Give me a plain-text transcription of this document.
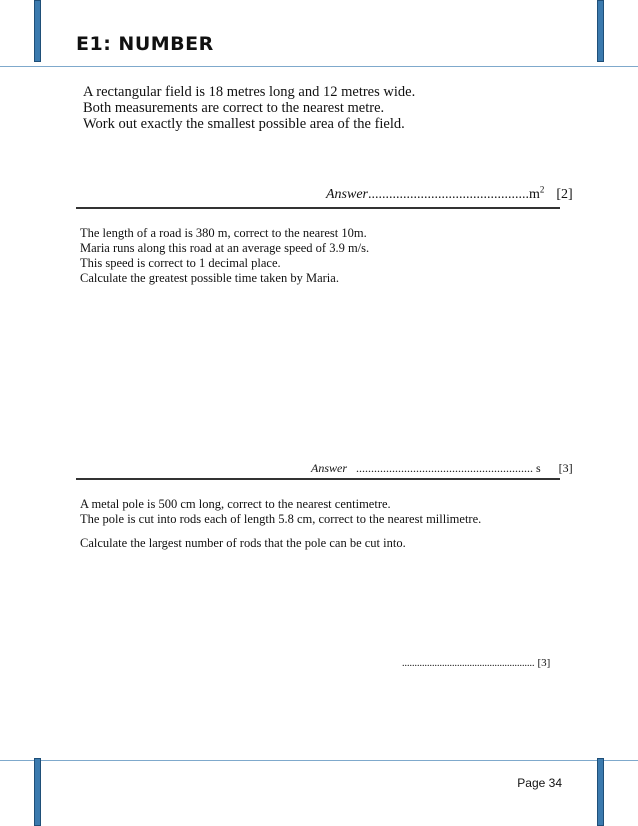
E1: NUMBER
A rectangular field is 18 metres long and 12 metres wide.
Both measurements are correct to the nearest metre.
Work out exactly the smallest possible area of the field.
$Answer..............................................m^2$ [2]
The length of a road is 380 m, correct to the nearest 10m.
Maria runs along this road at an average speed of 3.9 m/s.
This speed is correct to 1 decimal place.
Calculate the greatest possible time taken by Maria.
Answer ........................................................... s [3]
A metal pole is 500 cm long, correct to the nearest centimetre.
The pole is cut into rods each of length 5.8 cm, correct to the nearest millimetre.
Calculate the largest number of rods that the pole can be cut into.
..................................................... [3]
Page 34
